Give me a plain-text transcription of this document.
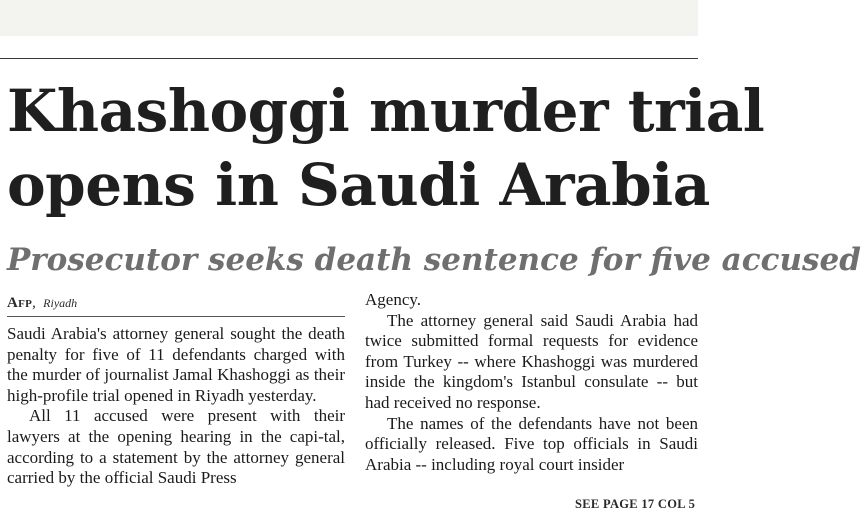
Khashoggi murder trial
opens in Saudi Arabia
Prosecutor seeks death sentence for five accused
Afp, Riyadh

Saudi Arabia's attorney general sought the death penalty for five of 11 defendants charged with the murder of journalist Jamal Khashoggi as their high-profile trial opened in Riyadh yesterday.

All 11 accused were present with their lawyers at the opening hearing in the capi-tal, according to a statement by the attorney general carried by the official Saudi Press

Agency.

The attorney general said Saudi Arabia had twice submitted formal requests for evidence from Turkey -- where Khashoggi was murdered inside the kingdom's Istanbul consulate -- but had received no response.

The names of the defendants have not been officially released. Five top officials in Saudi Arabia -- including royal court insider

SEE PAGE 17 COL 5
